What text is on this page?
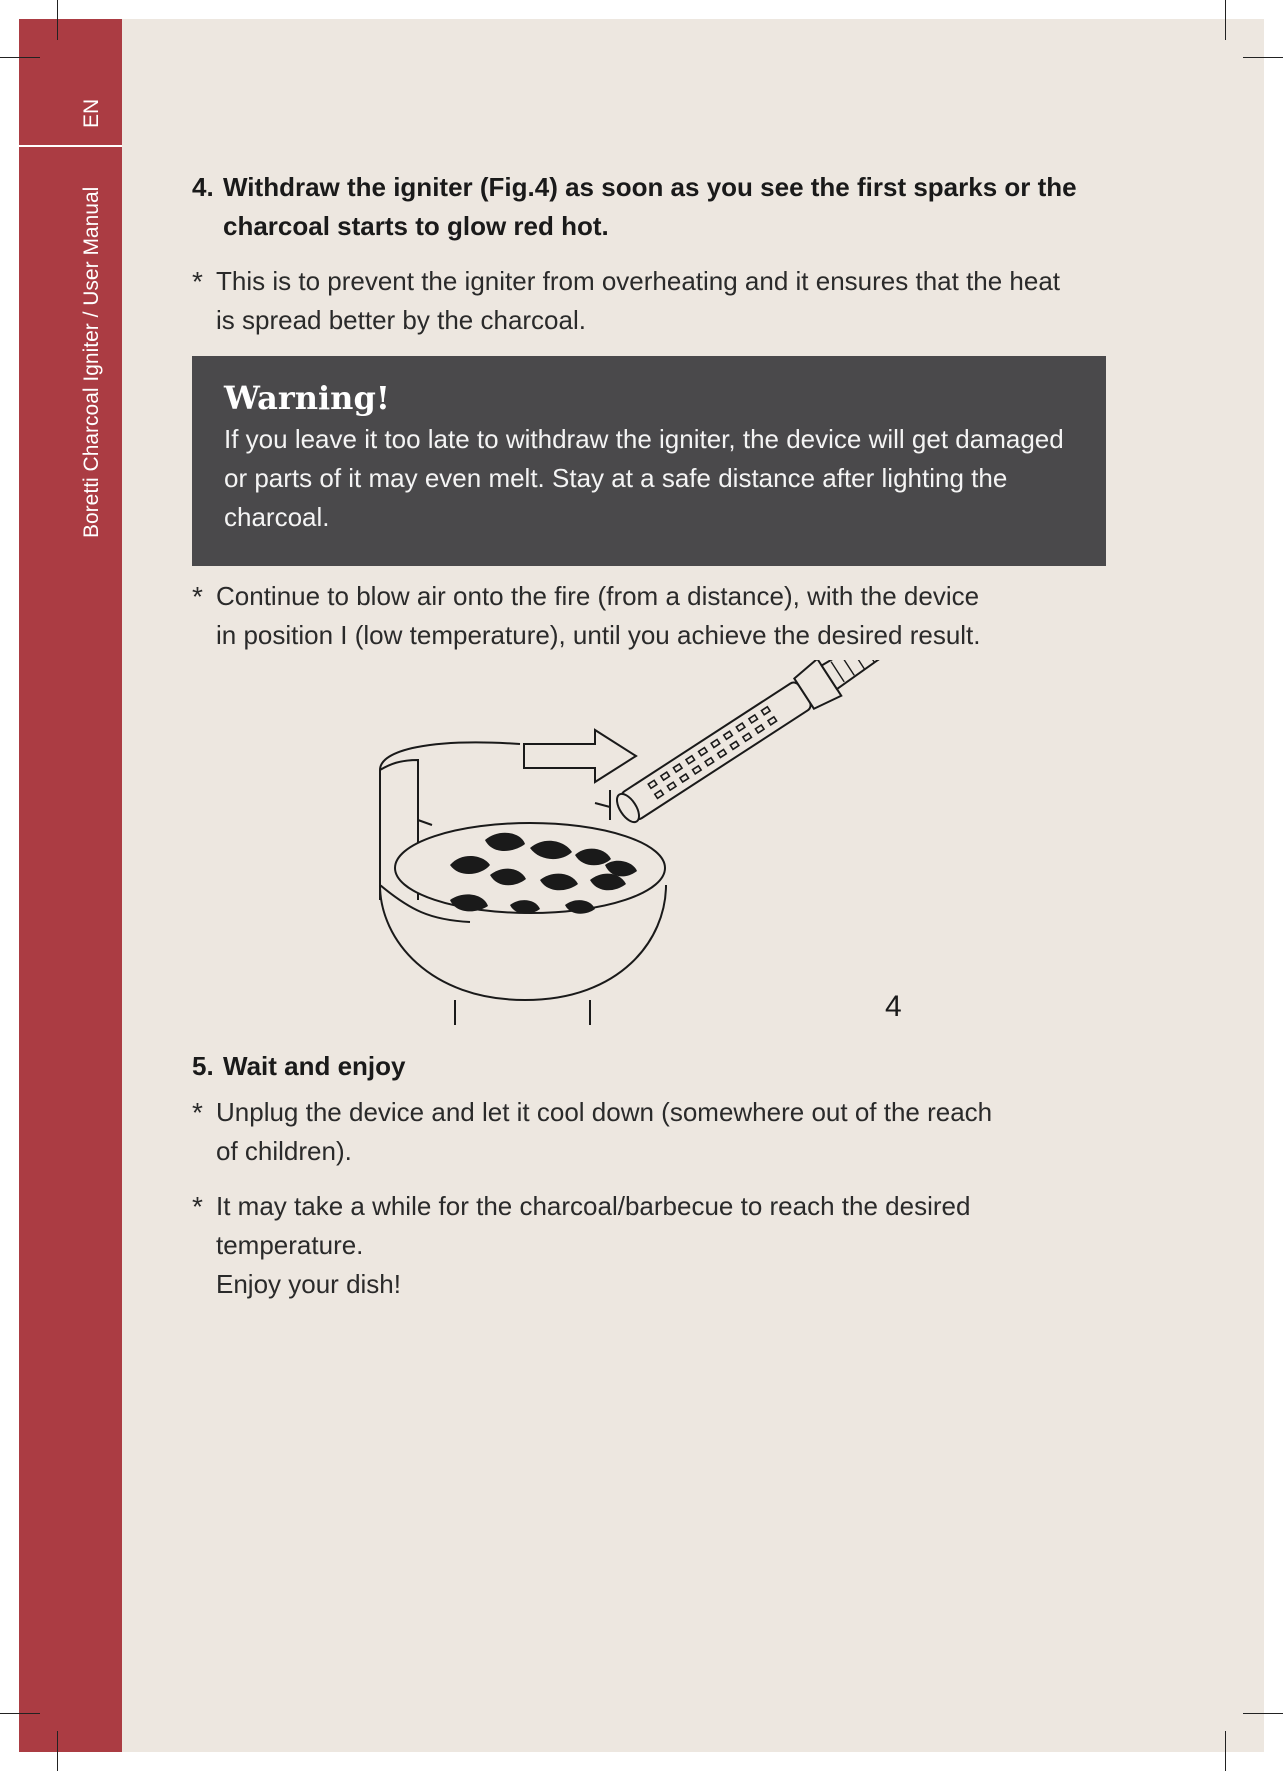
EN
Boretti Charcoal Igniter / User Manual	4. Withdraw the igniter (Fig.4) as soon as you see the first sparks or the
charcoal starts to glow red hot.
* This is to prevent the igniter from overheating and it ensures that the heat
is spread better by the charcoal.
Warning!
If you leave it too late to withdraw the igniter, the device will get damaged
or parts of it may even melt. Stay at a safe distance after lighting the
charcoal.
* Continue to blow air onto the fire (from a distance), with the device
in position I (low temperature), until you achieve the desired result.
4
5. Wait and enjoy
* Unplug the device and let it cool down (somewhere out of the reach
of children).
* It may take a while for the charcoal/barbecue to reach the desired
temperature.
Enjoy your dish!
